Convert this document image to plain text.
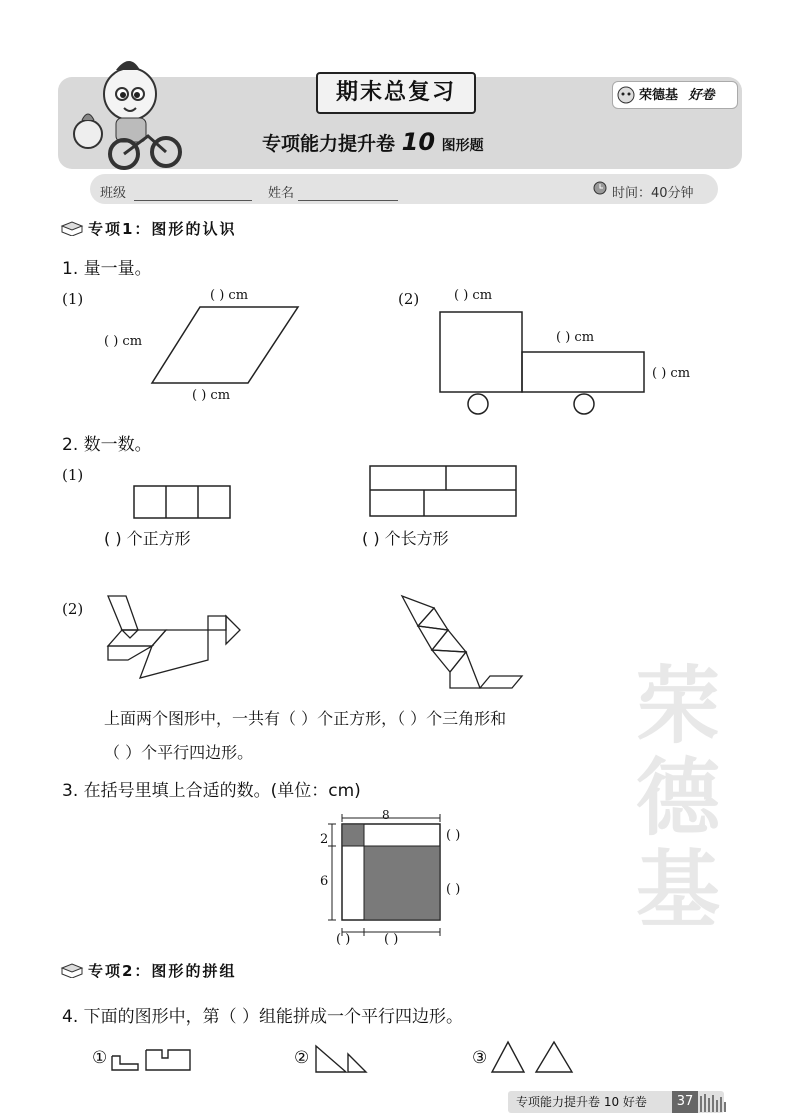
期末总复习	荣德基 好卷
专项能力提升卷 10 图形题
班级	姓名	时间：40分钟
荣
德
基
专项1：图形的认识
1. 量一量。
(1)	(2)
( ) cm
( ) cm
( ) cm
( ) cm
( ) cm
( ) cm
2. 数一数。
(1)
( ) 个正方形	( ) 个长方形
(2)
上面两个图形中，一共有（ ）个正方形，（ ）个三角形和
（ ）个平行四边形。
3. 在括号里填上合适的数。(单位：cm)
8
2
6
( )
( )
( )	( )
专项2：图形的拼组
4. 下面的图形中，第（ ）组能拼成一个平行四边形。
①	②	③
专项能力提升卷 10 好卷	37
